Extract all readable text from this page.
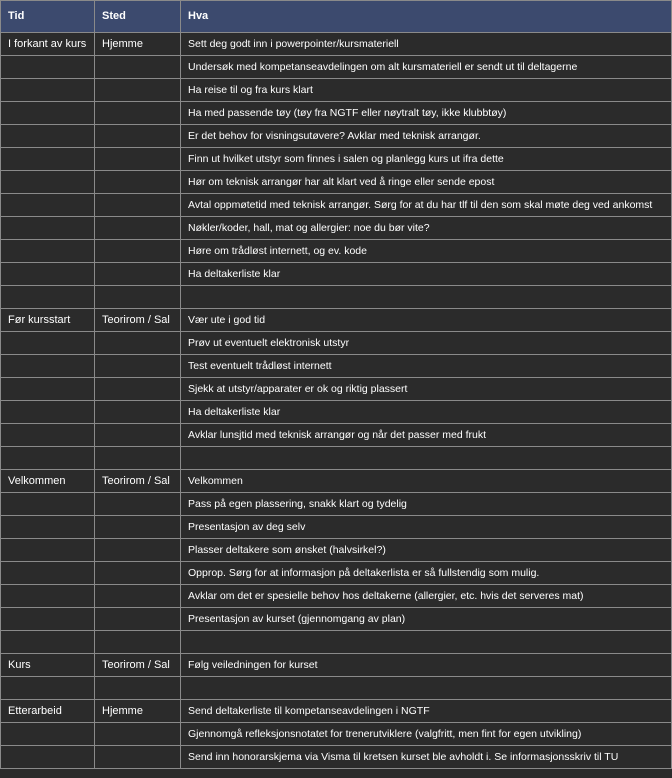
Tid	Sted	Hva
I forkant av kurs	Hjemme	Sett deg godt inn i powerpointer/kursmateriell
		Undersøk med kompetanseavdelingen om alt kursmateriell er sendt ut til deltagerne
		Ha reise til og fra kurs klart
		Ha med passende tøy (tøy fra NGTF eller nøytralt tøy, ikke klubbtøy)
		Er det behov for visningsutøvere? Avklar med teknisk arrangør.
		Finn ut hvilket utstyr som finnes i salen og planlegg kurs ut ifra dette
		Hør om teknisk arrangør har alt klart ved å ringe eller sende epost
		Avtal oppmøtetid med teknisk arrangør. Sørg for at du har tlf til den som skal møte deg ved ankomst
		Nøkler/koder, hall, mat og allergier: noe du bør vite?
		Høre om trådløst internett, og ev. kode
		Ha deltakerliste klar

Før kursstart	Teorirom / Sal	Vær ute i god tid
		Prøv ut eventuelt elektronisk utstyr
		Test eventuelt trådløst internett
		Sjekk at utstyr/apparater er ok og riktig plassert
		Ha deltakerliste klar
		Avklar lunsjtid med teknisk arrangør og når det passer med frukt

Velkommen	Teorirom / Sal	Velkommen
		Pass på egen plassering, snakk klart og tydelig
		Presentasjon av deg selv
		Plasser deltakere som ønsket (halvsirkel?)
		Opprop. Sørg for at informasjon på deltakerlista er så fullstendig som mulig.
		Avklar om det er spesielle behov hos deltakerne (allergier, etc. hvis det serveres mat)
		Presentasjon av kurset (gjennomgang av plan)

Kurs	Teorirom / Sal	Følg veiledningen for kurset

Etterarbeid	Hjemme	Send deltakerliste til kompetanseavdelingen i NGTF
		Gjennomgå refleksjonsnotatet for trenerutviklere (valgfritt, men fint for egen utvikling)
		Send inn honorarskjema via Visma til kretsen kurset ble avholdt i. Se informasjonsskriv til TU
